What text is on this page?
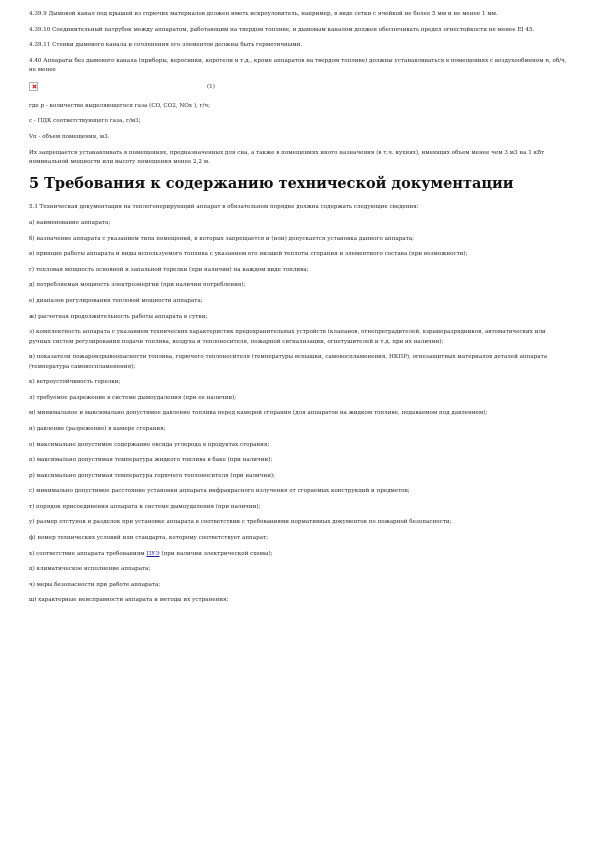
4.39.9 Дымовой канал под крышей из горючих материалов должен иметь искроуловитель, например, в виде сетки с ячейкой не более 5 мм и не менее 1 мм.

4.39.10 Соединительный патрубок между аппаратом, работающим на твердом топливе, и дымовым каналом должен обеспечивать предел огнестойкости не менее EI 45.

4.39.11 Стенки дымового канала и сочленения его элементов должны быть герметичными.

4.40 Аппараты без дымового канала (приборы, керосинки, коротели и т.д., кроме аппаратов на твердом топливе) должны устанавливаться в помещениях с воздухообменом n, об/ч, не менее

(1)

где p - количество выделяющегося газа (CO, CO2, NOx ), г/ч;

c - ПДК соответствующего газа, г/м3;

Vп - объем помещения, м3.

Их запрещается устанавливать в помещениях, предназначенных для сна, а также в помещениях иного назначения (в т.ч. кухнях), имеющих объем менее чем 3 м3 на 1 кВт номинальной мощности или высоту помещения менее 2,2 м.

5 Требования к содержанию технической документации

5.1 Техническая документация на теплогенерирующий аппарат в обязательном порядке должна содержать следующие сведения:

а) наименование аппарата;

б) назначение аппарата с указанием типа помещений, в которых запрещается и (или) допускается установка данного аппарата;

в) принцип работы аппарата и виды используемого топлива с указанием его низшей теплоты сгорания и элементного состава (при возможности);

г) тепловая мощность основной и запальной горелки (при наличии) на каждом виде топлива;

д) потребляемая мощность электроэнергии (при наличии потребления);

е) диапазон регулирования тепловой мощности аппарата;

ж) расчетная продолжительность работы аппарата в сутки;

з) комплектность аппарата с указанием технических характеристик предохранительных устройств (клапанов, огнепреградителей, взрыворазрядников, автоматических или ручных систем регулирования подачи топлива, воздуха и теплоносителя, пожарной сигнализации, огнетушителей и т.д. при их наличии);

и) показатели пожаровзрывоопасности топлива, горючего теплоносителя (температуры вспышки, самовоспламенения, НКПР), огнезащитных материалов деталей аппарата (температура самовоспламенения);

к) ветроустойчивость горелки;

л) требуемое разрежение в системе дымоудаления (при ее наличии);

м) минимальное и максимально допустимое давление топлива перед камерой сгорания (для аппаратов на жидком топливе, подаваемом под давлением);

н) давление (разрежение) в камере сгорания;

о) максимально допустимое содержание оксида углерода в продуктах сгорания;

п) максимально допустимая температура жидкого топлива в баке (при наличии);

р) максимально допустимая температура горючего теплоносителя (при наличии);

с) минимально допустимое расстояние установки аппарата инфракрасного излучения от сгораемых конструкций и предметов;

т) порядок присоединения аппарата к системе дымоудаления (при наличии);

у) размер отступок и разделок при установке аппарата в соответствии с требованиями нормативных документов по пожарной безопасности;

ф) номер технических условий или стандарта, которому соответствует аппарат;

х) соответствие аппарата требованиям ПУЭ (при наличии электрической схемы);

ц) климатическое исполнение аппарата;

ч) меры безопасности при работе аппарата;

ш) характерные неисправности аппарата и методы их устранения;
